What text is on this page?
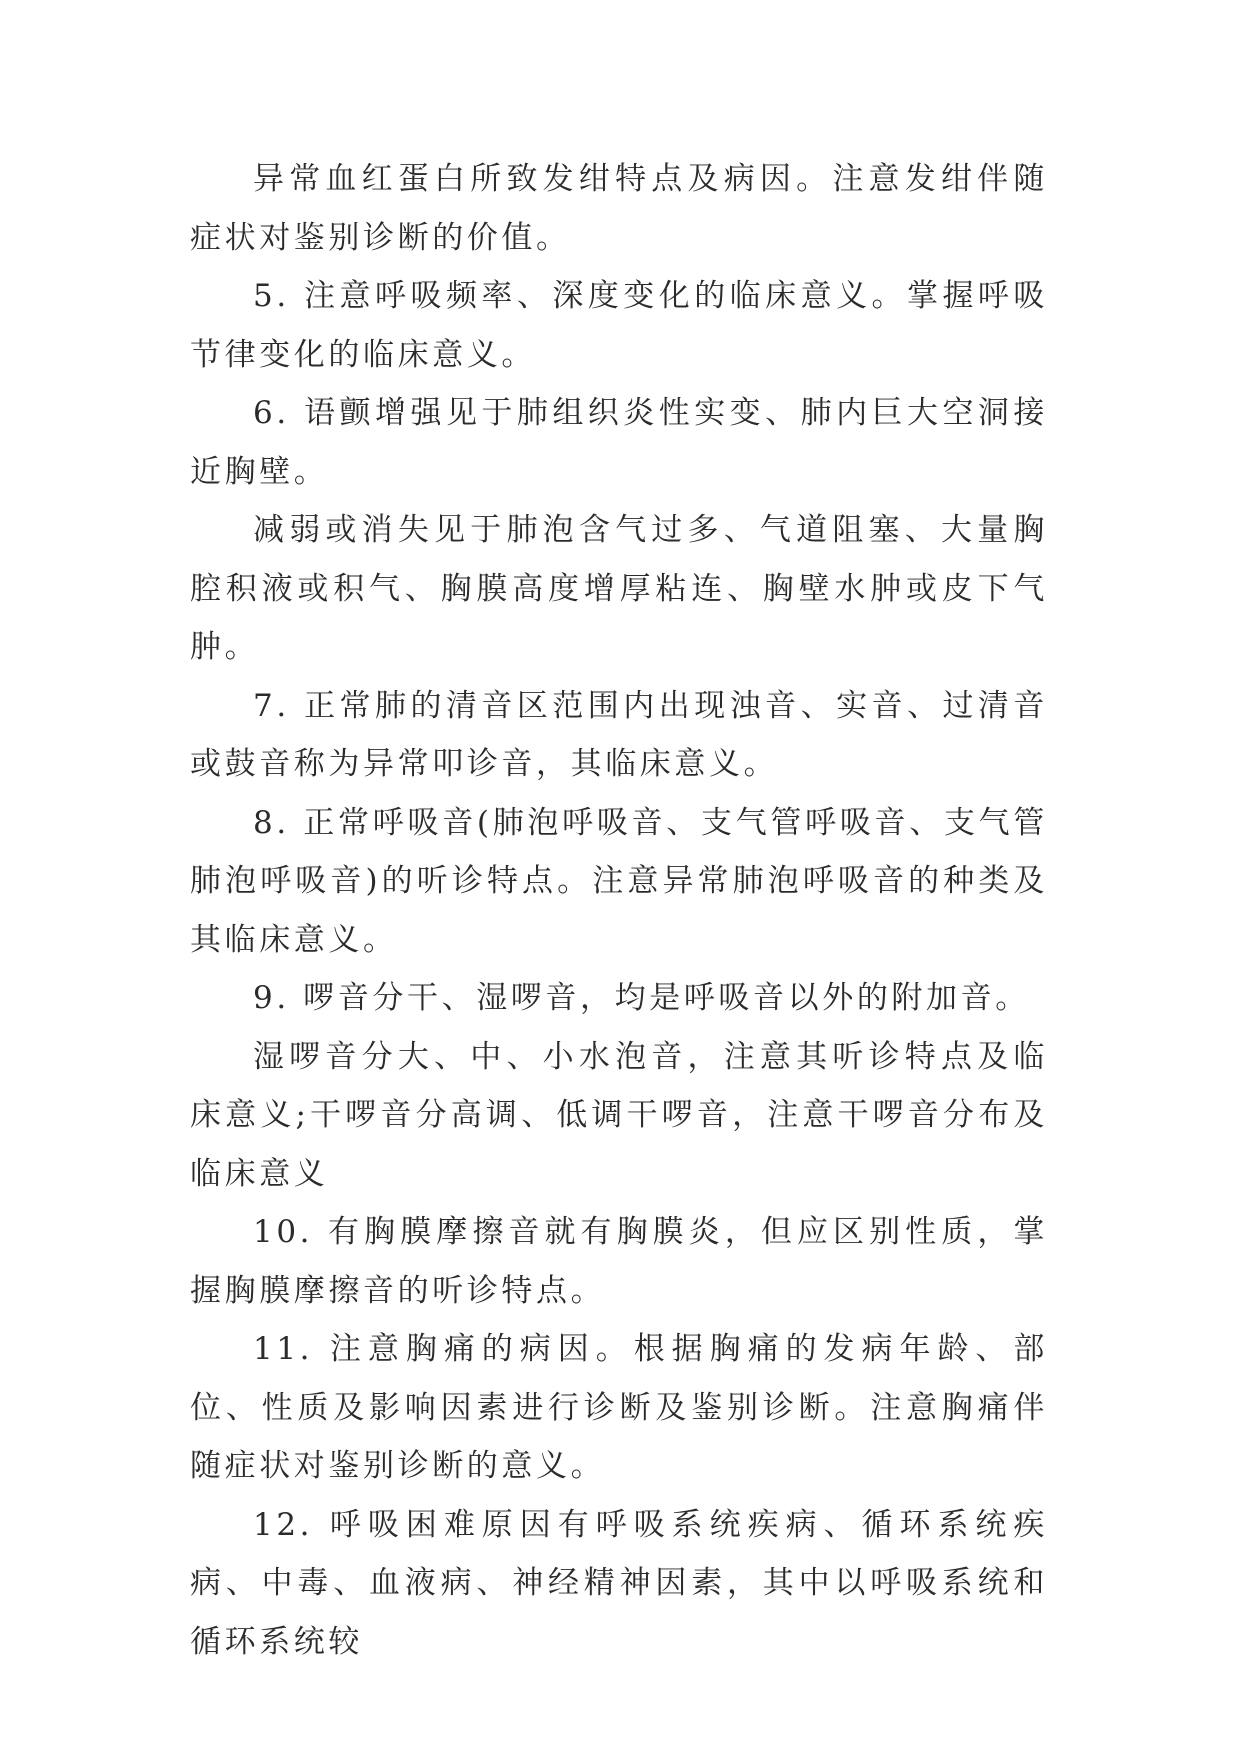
异常血红蛋白所致发绀特点及病因。注意发绀伴随症状对鉴别诊断的价值。

5. 注意呼吸频率、深度变化的临床意义。掌握呼吸节律变化的临床意义。

6. 语颤增强见于肺组织炎性实变、肺内巨大空洞接近胸壁。

减弱或消失见于肺泡含气过多、气道阻塞、大量胸腔积液或积气、胸膜高度增厚粘连、胸壁水肿或皮下气肿。

7. 正常肺的清音区范围内出现浊音、实音、过清音或鼓音称为异常叩诊音，其临床意义。

8. 正常呼吸音(肺泡呼吸音、支气管呼吸音、支气管肺泡呼吸音)的听诊特点。注意异常肺泡呼吸音的种类及其临床意义。

9. 啰音分干、湿啰音，均是呼吸音以外的附加音。

湿啰音分大、中、小水泡音，注意其听诊特点及临床意义;干啰音分高调、低调干啰音，注意干啰音分布及临床意义

10. 有胸膜摩擦音就有胸膜炎，但应区别性质，掌握胸膜摩擦音的听诊特点。

11. 注意胸痛的病因。根据胸痛的发病年龄、部位、性质及影响因素进行诊断及鉴别诊断。注意胸痛伴随症状对鉴别诊断的意义。

12. 呼吸困难原因有呼吸系统疾病、循环系统疾病、中毒、血液病、神经精神因素，其中以呼吸系统和循环系统较
